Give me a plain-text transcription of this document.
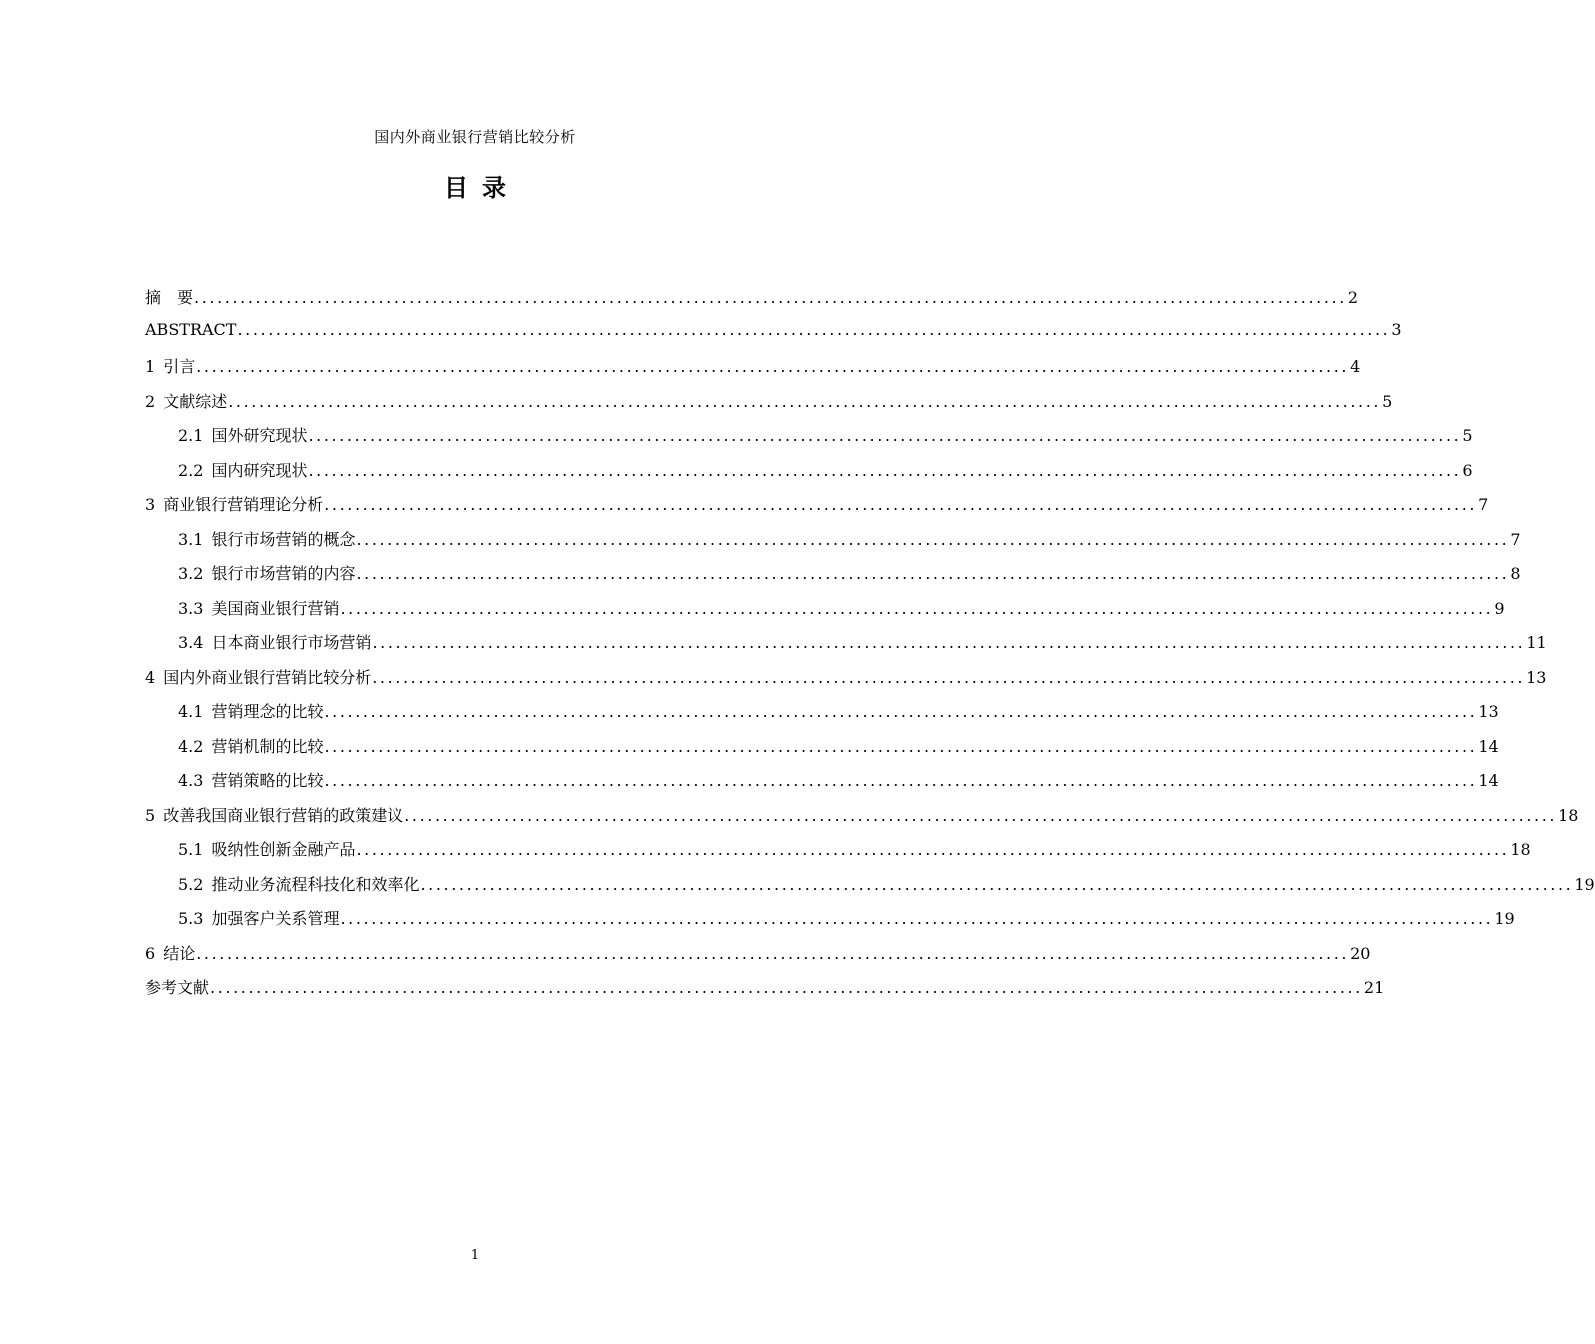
国内外商业银行营销比较分析
目录
摘　要 ...................................................................................................................................................... 2
ABSTRACT ...................................................................................................................................................... 3
1 引言 ...................................................................................................................................................... 4
2 文献综述 ...................................................................................................................................................... 5
2.1 国外研究现状 ...................................................................................................................................................... 5
2.2 国内研究现状 ...................................................................................................................................................... 6
3 商业银行营销理论分析 ...................................................................................................................................................... 7
3.1 银行市场营销的概念 ...................................................................................................................................................... 7
3.2 银行市场营销的内容 ...................................................................................................................................................... 8
3.3 美国商业银行营销 ...................................................................................................................................................... 9
3.4 日本商业银行市场营销 ...................................................................................................................................................... 11
4 国内外商业银行营销比较分析 ...................................................................................................................................................... 13
4.1 营销理念的比较 ...................................................................................................................................................... 13
4.2 营销机制的比较 ...................................................................................................................................................... 14
4.3 营销策略的比较 ...................................................................................................................................................... 14
5 改善我国商业银行营销的政策建议 ...................................................................................................................................................... 18
5.1 吸纳性创新金融产品 ...................................................................................................................................................... 18
5.2 推动业务流程科技化和效率化 ...................................................................................................................................................... 19
5.3 加强客户关系管理 ...................................................................................................................................................... 19
6 结论 ...................................................................................................................................................... 20
参考文献 ...................................................................................................................................................... 21
1
